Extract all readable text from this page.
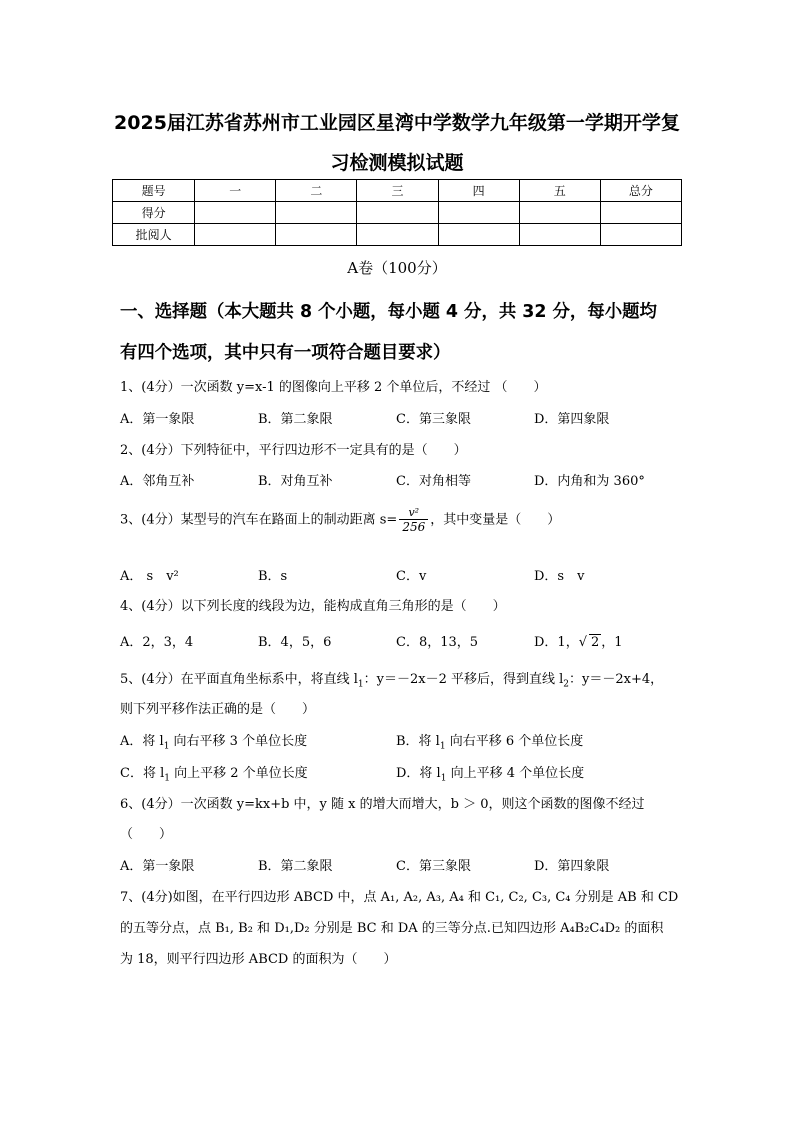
2025届江苏省苏州市工业园区星湾中学数学九年级第一学期开学复
习检测模拟试题
题号	一	二	三	四	五	总分
得分						
批阅人						
A卷（100分）
一、选择题（本大题共 8 个小题，每小题 4 分，共 32 分，每小题均
有四个选项，其中只有一项符合题目要求）
1、(4分）一次函数 y=x-1 的图像向上平移 2 个单位后，不经过 （　　）
A．第一象限	B．第二象限	C．第三象限	D．第四象限
2、(4分）下列特征中，平行四边形不一定具有的是（　　）
A．邻角互补	B．对角互补	C．对角相等	D．内角和为 360°
3、(4分）某型号的汽车在路面上的制动距离 $s= \frac{\text{v²}}{256}$ ，其中变量是（　　）
A． s　v²	B．s	C．v	D．s　v
4、(4分）以下列长度的线段为边，能构成直角三角形的是（　　）
A．2，3，4	B．4，5，6	C．8，13，5	D．1，√ 2 ，1
5、(4分）在平面直角坐标系中，将直线 $l_1$：y＝－2x－2 平移后，得到直线 $l_2$：y＝－2x+4，
则下列平移作法正确的是（　　）
A．将 $l_1$ 向右平移 3 个单位长度	B．将 $l_1$ 向右平移 6 个单位长度
C．将 $l_1$ 向上平移 2 个单位长度	D．将 $l_1$ 向上平移 4 个单位长度
6、(4分）一次函数 y=kx+b 中，y 随 x 的增大而增大，b ＞ 0，则这个函数的图像不经过
（　　）
A．第一象限	B．第二象限	C．第三象限	D．第四象限
7、(4分)如图，在平行四边形 ABCD 中，点 A₁, A₂, A₃, A₄ 和 C₁, C₂, C₃, C₄ 分别是 AB 和 CD
的五等分点，点 B₁, B₂ 和 D₁,D₂ 分别是 BC 和 DA 的三等分点.已知四边形 A₄B₂C₄D₂ 的面积
为 18，则平行四边形 ABCD 的面积为（　　）
